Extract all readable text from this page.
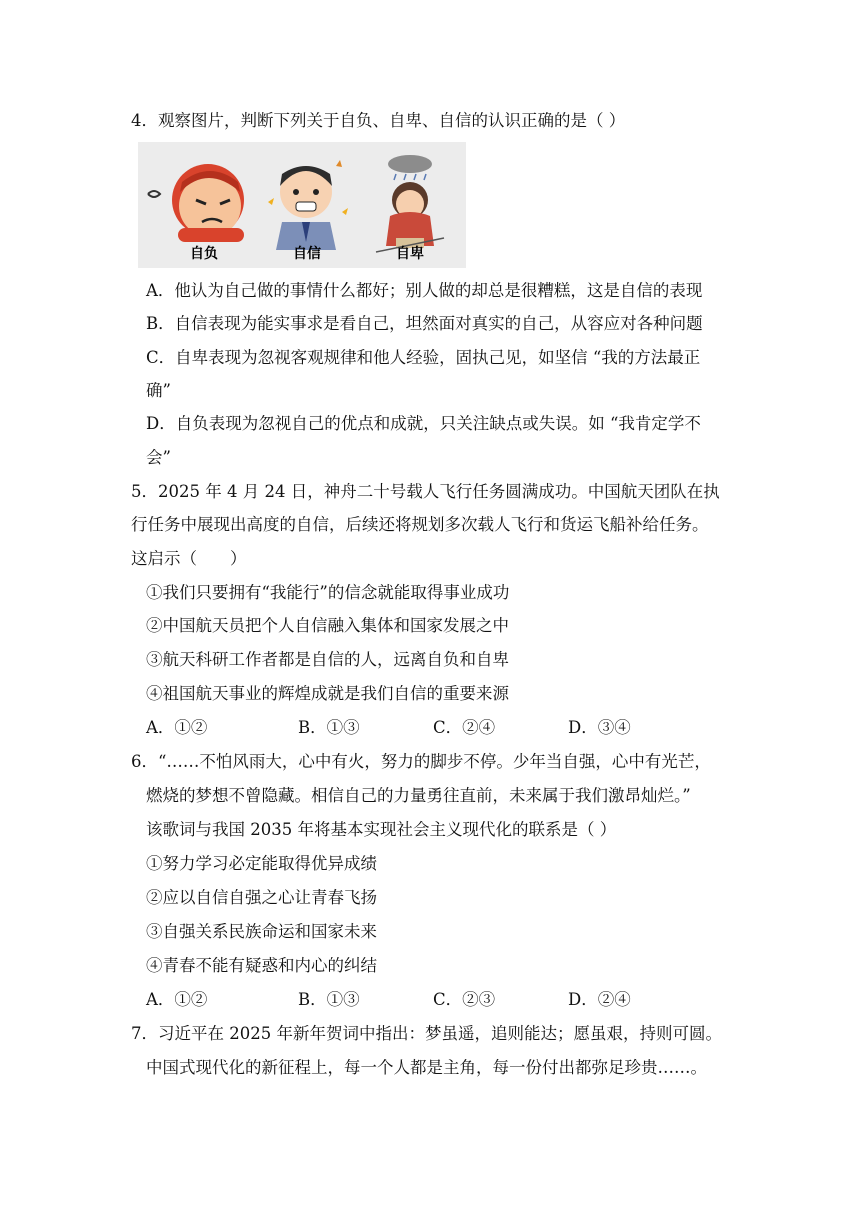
4．观察图片，判断下列关于自负、自卑、自信的认识正确的是（ ）
自负	自信	自卑
A．他认为自己做的事情什么都好；别人做的却总是很糟糕，这是自信的表现
B．自信表现为能实事求是看自己，坦然面对真实的自己，从容应对各种问题
C．自卑表现为忽视客观规律和他人经验，固执己见，如坚信 “我的方法最正
确”
D．自负表现为忽视自己的优点和成就，只关注缺点或失误。如 “我肯定学不
会”
5．2025 年 4 月 24 日，神舟二十号载人飞行任务圆满成功。中国航天团队在执
行任务中展现出高度的自信，后续还将规划多次载人飞行和货运飞船补给任务。
这启示（　　）
①我们只要拥有“我能行”的信念就能取得事业成功
②中国航天员把个人自信融入集体和国家发展之中
③航天科研工作者都是自信的人，远离自负和自卑
④祖国航天事业的辉煌成就是我们自信的重要来源
A．①②	B．①③	C．②④	D．③④
6．“……不怕风雨大，心中有火，努力的脚步不停。少年当自强，心中有光芒，
燃烧的梦想不曾隐藏。相信自己的力量勇往直前，未来属于我们激昂灿烂。”
该歌词与我国 2035 年将基本实现社会主义现代化的联系是（ ）
①努力学习必定能取得优异成绩
②应以自信自强之心让青春飞扬
③自强关系民族命运和国家未来
④青春不能有疑惑和内心的纠结
A．①②	B．①③	C．②③	D．②④
7．习近平在 2025 年新年贺词中指出：梦虽遥，追则能达；愿虽艰，持则可圆。
中国式现代化的新征程上，每一个人都是主角，每一份付出都弥足珍贵……。
